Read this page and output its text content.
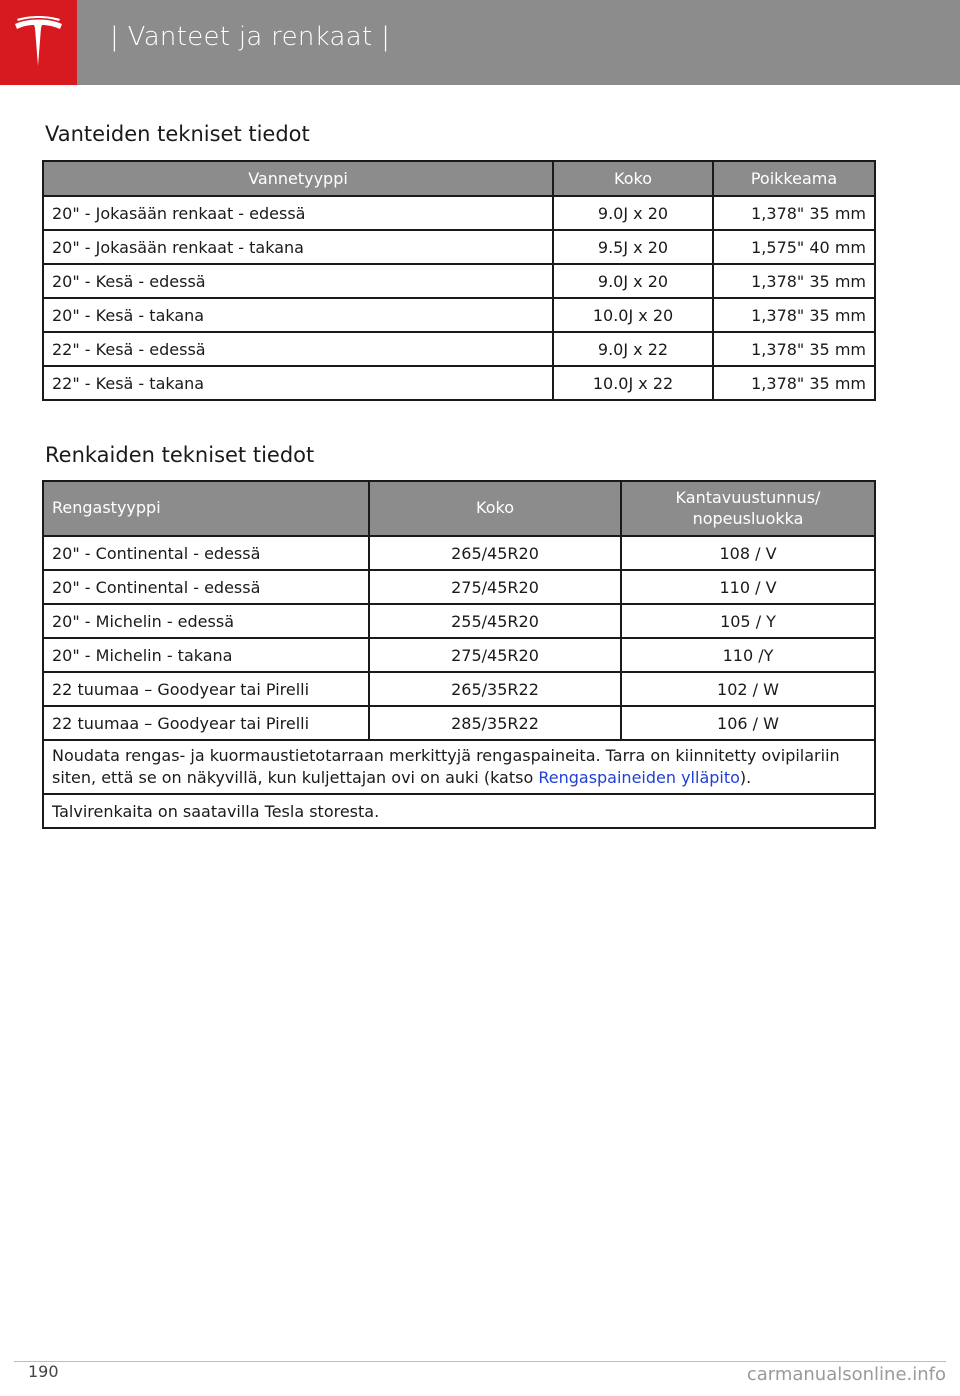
| Vanteet ja renkaat |
Vanteiden tekniset tiedot
Vannetyyppi	Koko	Poikkeama
20" - Jokasään renkaat - edessä	9.0J x 20	1,378" 35 mm
20" - Jokasään renkaat - takana	9.5J x 20	1,575" 40 mm
20" - Kesä - edessä	9.0J x 20	1,378" 35 mm
20" - Kesä - takana	10.0J x 20	1,378" 35 mm
22" - Kesä - edessä	9.0J x 22	1,378" 35 mm
22" - Kesä - takana	10.0J x 22	1,378" 35 mm
Renkaiden tekniset tiedot
Rengastyyppi	Koko	Kantavuustunnus/ nopeusluokka
20" - Continental - edessä	265/45R20	108 / V
20" - Continental - edessä	275/45R20	110 / V
20" - Michelin - edessä	255/45R20	105 / Y
20" - Michelin - takana	275/45R20	110 /Y
22 tuumaa – Goodyear tai Pirelli	265/35R22	102 / W
22 tuumaa – Goodyear tai Pirelli	285/35R22	106 / W
Noudata rengas- ja kuormaustietotarraan merkittyjä rengaspaineita. Tarra on kiinnitetty ovipilariin siten, että se on näkyvillä, kun kuljettajan ovi on auki (katso Rengaspaineiden ylläpito).		
Talvirenkaita on saatavilla Tesla storesta.		
190	carmanualsonline.info
